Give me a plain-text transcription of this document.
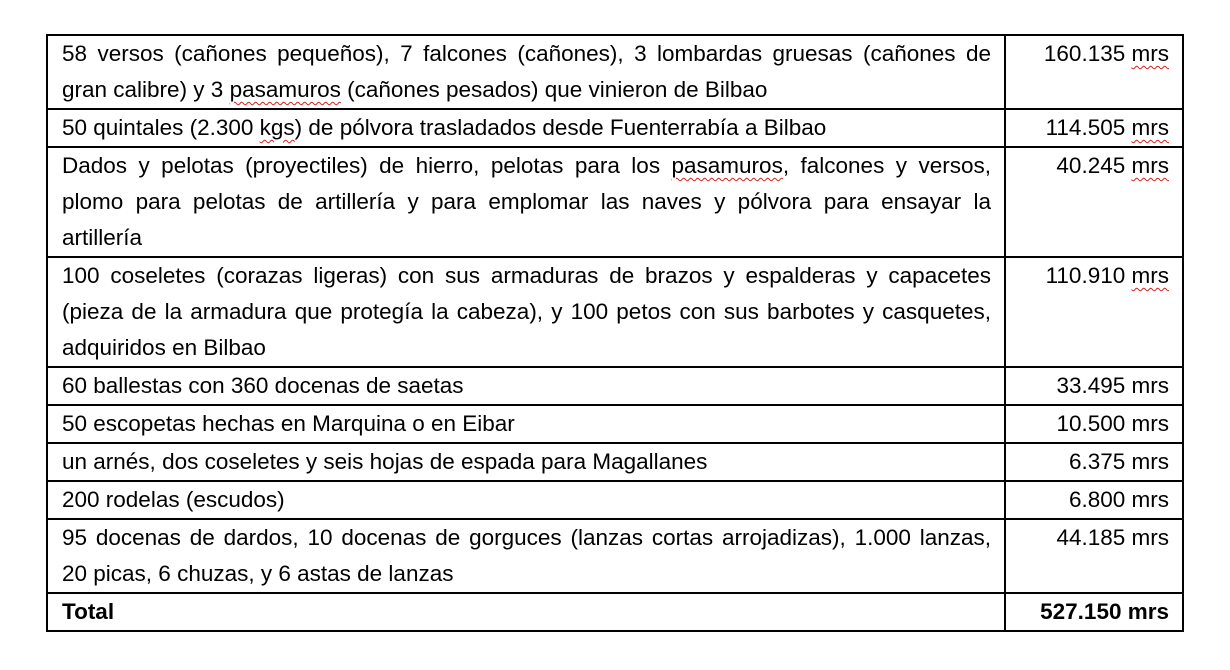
58 versos (cañones pequeños), 7 falcones (cañones), 3 lombardas gruesas (cañones de gran calibre) y 3 pasamuros (cañones pesados) que vinieron de Bilbao	160.135 mrs
50 quintales (2.300 kgs) de pólvora trasladados desde Fuenterrabía a Bilbao	114.505 mrs
Dados y pelotas (proyectiles) de hierro, pelotas para los pasamuros, falcones y versos, plomo para pelotas de artillería y para emplomar las naves y pólvora para ensayar la artillería	40.245 mrs
100 coseletes (corazas ligeras) con sus armaduras de brazos y espalderas y capacetes (pieza de la armadura que protegía la cabeza), y 100 petos con sus barbotes y casquetes, adquiridos en Bilbao	110.910 mrs
60 ballestas con 360 docenas de saetas	33.495 mrs
50 escopetas hechas en Marquina o en Eibar	10.500 mrs
un arnés, dos coseletes y seis hojas de espada para Magallanes	6.375 mrs
200 rodelas (escudos)	6.800 mrs
95 docenas de dardos, 10 docenas de gorguces (lanzas cortas arrojadizas), 1.000 lanzas, 20 picas, 6 chuzas, y 6 astas de lanzas	44.185 mrs
Total	527.150 mrs
